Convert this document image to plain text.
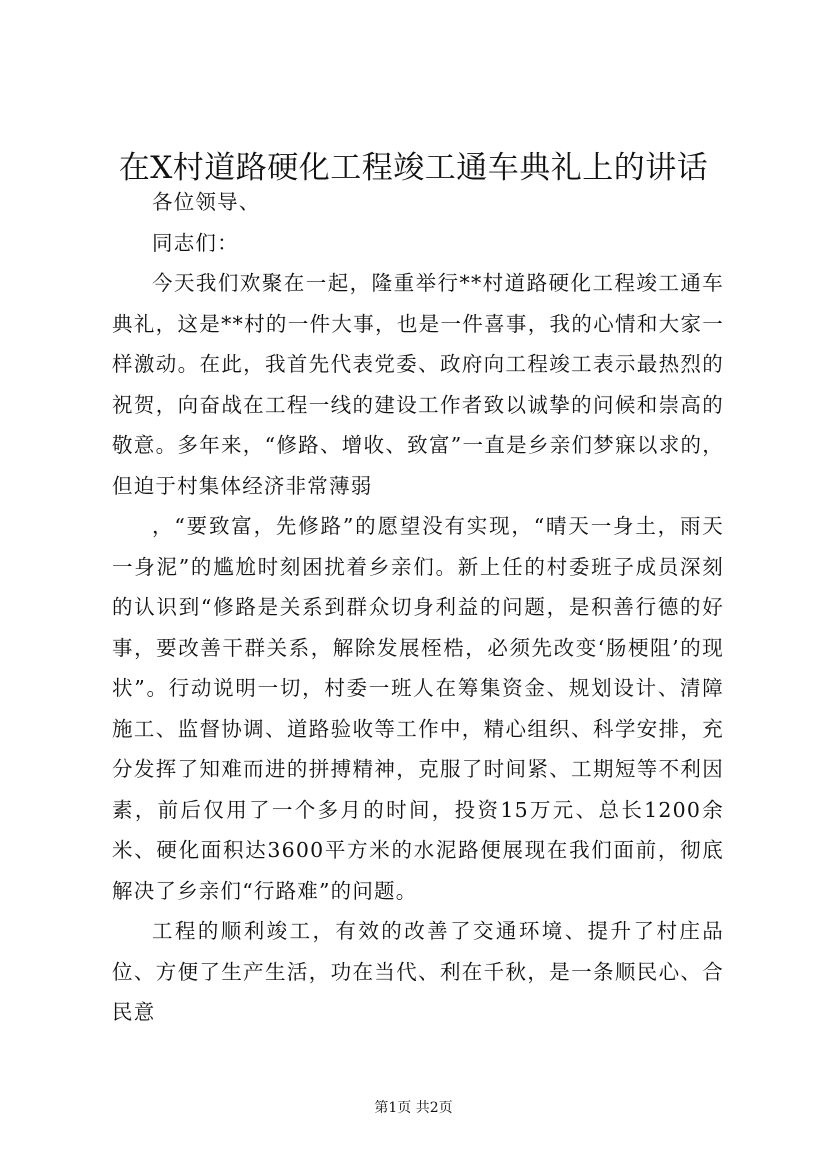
在X村道路硬化工程竣工通车典礼上的讲话

各位领导、

同志们：

今天我们欢聚在一起，隆重举行**村道路硬化工程竣工通车典礼，这是**村的一件大事，也是一件喜事，我的心情和大家一样激动。在此，我首先代表党委、政府向工程竣工表示最热烈的祝贺，向奋战在工程一线的建设工作者致以诚挚的问候和崇高的敬意。多年来，“修路、增收、致富”一直是乡亲们梦寐以求的，但迫于村集体经济非常薄弱

，“要致富，先修路”的愿望没有实现，“晴天一身土，雨天一身泥”的尴尬时刻困扰着乡亲们。新上任的村委班子成员深刻的认识到“修路是关系到群众切身利益的问题，是积善行德的好事，要改善干群关系，解除发展桎梏，必须先改变‘肠梗阻’的现状”。行动说明一切，村委一班人在筹集资金、规划设计、清障施工、监督协调、道路验收等工作中，精心组织、科学安排，充分发挥了知难而进的拼搏精神，克服了时间紧、工期短等不利因素，前后仅用了一个多月的时间，投资15万元、总长1200余米、硬化面积达3600平方米的水泥路便展现在我们面前，彻底解决了乡亲们“行路难”的问题。

工程的顺利竣工，有效的改善了交通环境、提升了村庄品位、方便了生产生活，功在当代、利在千秋，是一条顺民心、合民意

第1页 共2页
